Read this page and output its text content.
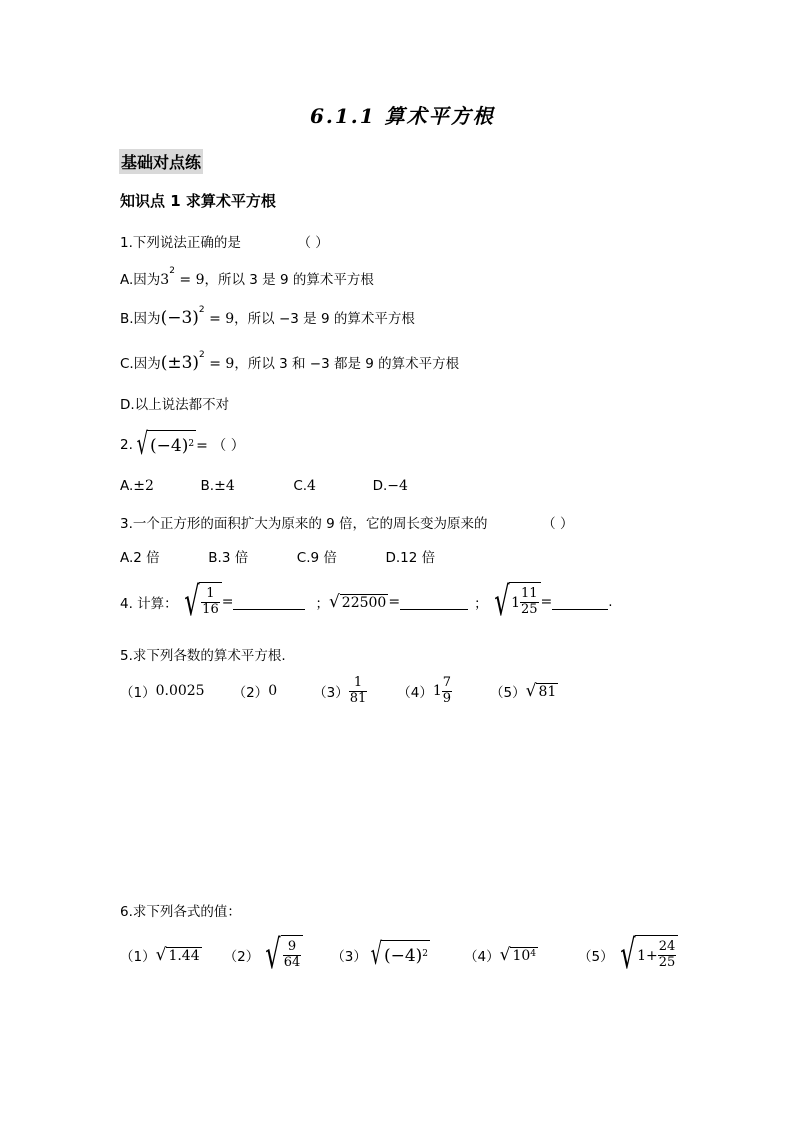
6.1.1 算术平方根
基础对点练
知识点 1 求算术平方根
1.下列说法正确的是	（ ）
A.因为$3^2 = 9$，所以 3 是 9 的算术平方根
B.因为$(-3)^2 = 9$，所以 −3 是 9 的算术平方根
C.因为$(\pm 3)^2 = 9$，所以 3 和 −3 都是 9 的算术平方根
D.以上说法都不对
2. √ (−4) 2 = （ ）
A.±2	B.±4	C.4	D.−4
3.一个正方形的面积扩大为原来的 9 倍，它的周长变为原来的	（ ）
A.2 倍	B.3 倍	C.9 倍	D.12 倍
4. 计算： √ $\frac{1}{16}$ =	； √ 22500 =	； √ $1 \frac{11}{25}$ =	.
5.求下列各数的算术平方根.
（1） 0.0025 （2） 0	$(3) \frac{1}{81} (4)$ $1 \frac{7}{9}$	（5） √ 81
6.求下列各式的值：
（1） √ 1.44 （2） √ $\frac{9}{64} (3)$ √ (−4) 2	（4） √ 10 4	（5） √ $1+ \frac{24}{25}$
